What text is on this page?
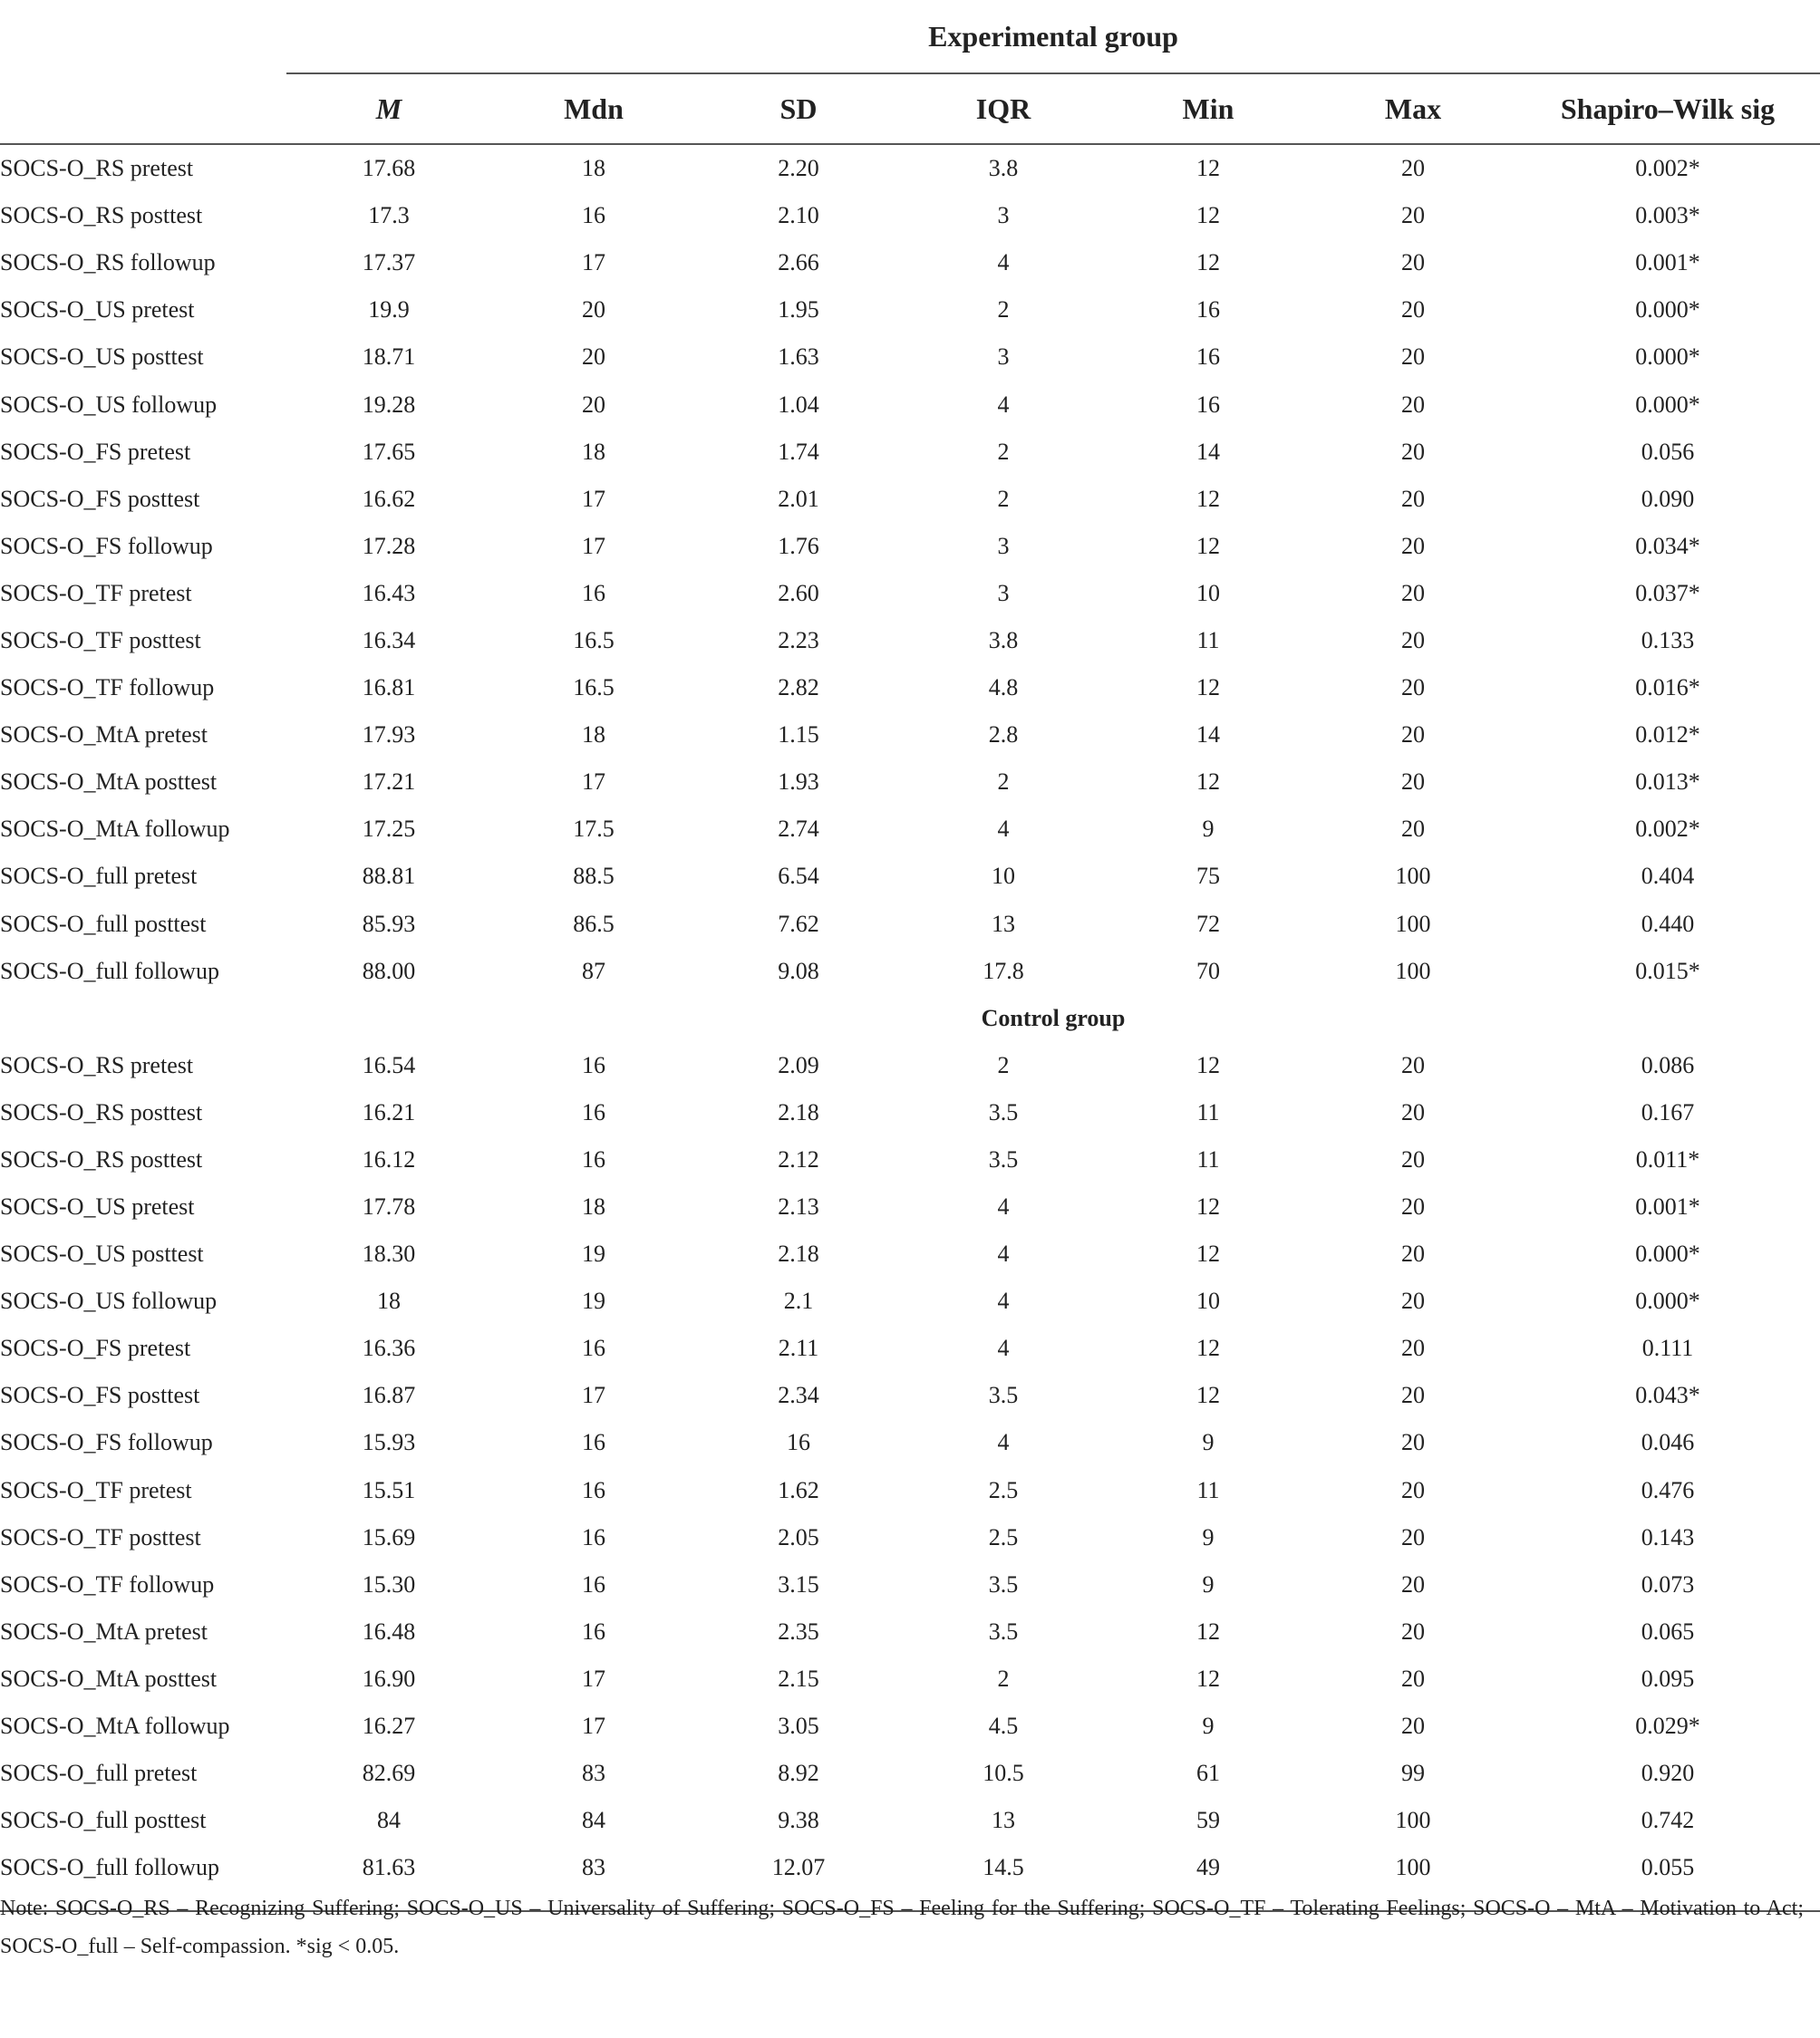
	Experimental group						
	M	Mdn	SD	IQR	Min	Max	Shapiro–Wilk sig
SOCS-O_RS pretest	17.68	18	2.20	3.8	12	20	0.002*
SOCS-O_RS posttest	17.3	16	2.10	3	12	20	0.003*
SOCS-O_RS followup	17.37	17	2.66	4	12	20	0.001*
SOCS-O_US pretest	19.9	20	1.95	2	16	20	0.000*
SOCS-O_US posttest	18.71	20	1.63	3	16	20	0.000*
SOCS-O_US followup	19.28	20	1.04	4	16	20	0.000*
SOCS-O_FS pretest	17.65	18	1.74	2	14	20	0.056
SOCS-O_FS posttest	16.62	17	2.01	2	12	20	0.090
SOCS-O_FS followup	17.28	17	1.76	3	12	20	0.034*
SOCS-O_TF pretest	16.43	16	2.60	3	10	20	0.037*
SOCS-O_TF posttest	16.34	16.5	2.23	3.8	11	20	0.133
SOCS-O_TF followup	16.81	16.5	2.82	4.8	12	20	0.016*
SOCS-O_MtA pretest	17.93	18	1.15	2.8	14	20	0.012*
SOCS-O_MtA posttest	17.21	17	1.93	2	12	20	0.013*
SOCS-O_MtA followup	17.25	17.5	2.74	4	9	20	0.002*
SOCS-O_full pretest	88.81	88.5	6.54	10	75	100	0.404
SOCS-O_full posttest	85.93	86.5	7.62	13	72	100	0.440
SOCS-O_full followup	88.00	87	9.08	17.8	70	100	0.015*
	Control group						
SOCS-O_RS pretest	16.54	16	2.09	2	12	20	0.086
SOCS-O_RS posttest	16.21	16	2.18	3.5	11	20	0.167
SOCS-O_RS posttest	16.12	16	2.12	3.5	11	20	0.011*
SOCS-O_US pretest	17.78	18	2.13	4	12	20	0.001*
SOCS-O_US posttest	18.30	19	2.18	4	12	20	0.000*
SOCS-O_US followup	18	19	2.1	4	10	20	0.000*
SOCS-O_FS pretest	16.36	16	2.11	4	12	20	0.111
SOCS-O_FS posttest	16.87	17	2.34	3.5	12	20	0.043*
SOCS-O_FS followup	15.93	16	16	4	9	20	0.046
SOCS-O_TF pretest	15.51	16	1.62	2.5	11	20	0.476
SOCS-O_TF posttest	15.69	16	2.05	2.5	9	20	0.143
SOCS-O_TF followup	15.30	16	3.15	3.5	9	20	0.073
SOCS-O_MtA pretest	16.48	16	2.35	3.5	12	20	0.065
SOCS-O_MtA posttest	16.90	17	2.15	2	12	20	0.095
SOCS-O_MtA followup	16.27	17	3.05	4.5	9	20	0.029*
SOCS-O_full pretest	82.69	83	8.92	10.5	61	99	0.920
SOCS-O_full posttest	84	84	9.38	13	59	100	0.742
SOCS-O_full followup	81.63	83	12.07	14.5	49	100	0.055

Note: SOCS-O_RS – Recognizing Suffering; SOCS-O_US – Universality of Suffering; SOCS-O_FS – Feeling for the Suffering; SOCS-O_TF – Tolerating Feelings; SOCS-O – MtA – Motivation to Act; SOCS-O_full – Self-compassion. *sig < 0.05.
